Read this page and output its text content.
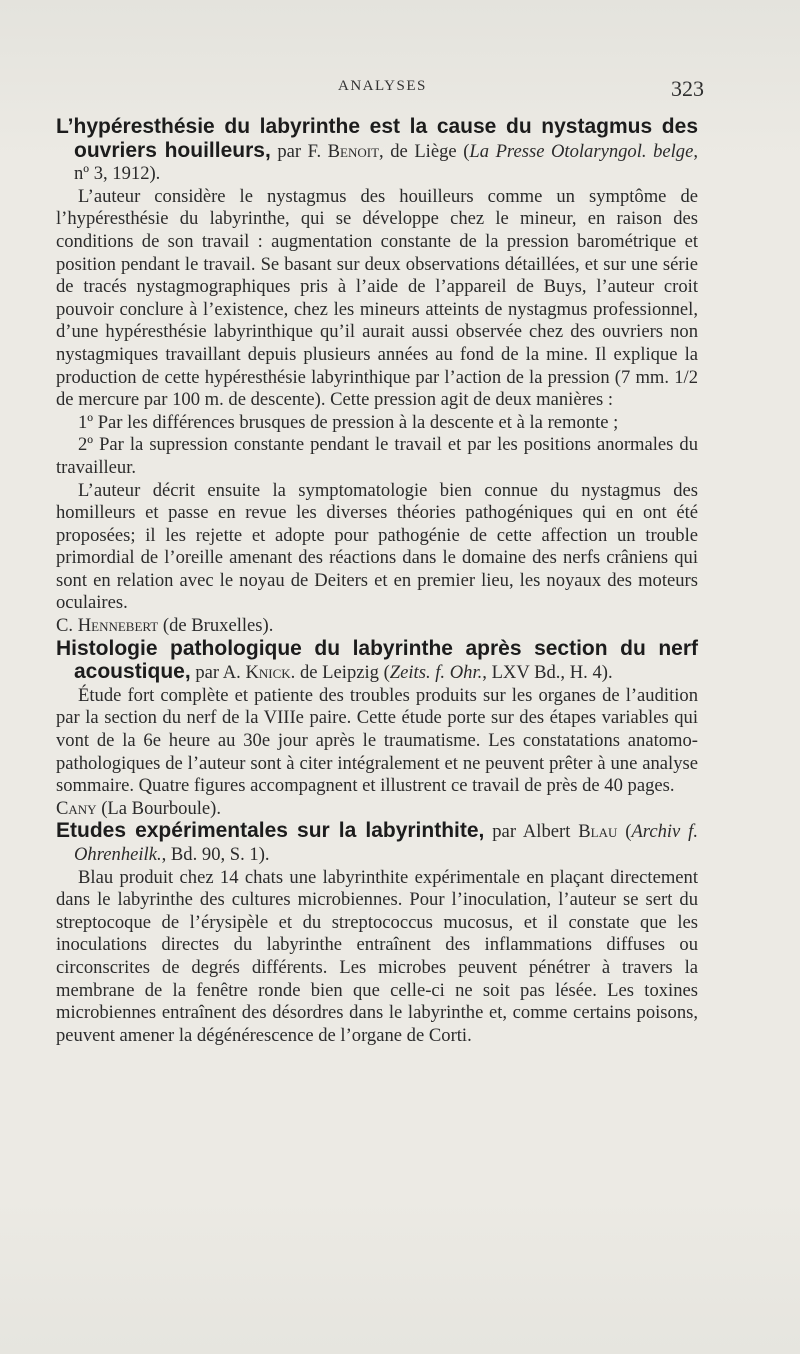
ANALYSES	323

L’hypéresthésie du labyrinthe est la cause du nystagmus des ouvriers houilleurs, par F. Benoit, de Liège (La Presse Otolaryngol. belge, nº 3, 1912).

L’auteur considère le nystagmus des houilleurs comme un symptôme de l’hypéresthésie du labyrinthe, qui se développe chez le mineur, en raison des conditions de son travail : augmentation constante de la pression barométrique et position pendant le travail. Se basant sur deux observations détaillées, et sur une série de tracés nystagmographiques pris à l’aide de l’appareil de Buys, l’auteur croit pouvoir conclure à l’existence, chez les mineurs atteints de nystagmus professionnel, d’une hypéresthésie labyrinthique qu’il aurait aussi observée chez des ouvriers non nystagmiques travaillant depuis plusieurs années au fond de la mine. Il explique la production de cette hypéresthésie labyrinthique par l’action de la pression (7 mm. 1/2 de mercure par 100 m. de descente). Cette pression agit de deux manières :

1º Par les différences brusques de pression à la descente et à la remonte ;

2º Par la supression constante pendant le travail et par les positions anormales du travailleur.

L’auteur décrit ensuite la symptomatologie bien connue du nystagmus des homilleurs et passe en revue les diverses théories pathogéniques qui en ont été proposées; il les rejette et adopte pour pathogénie de cette affection un trouble primordial de l’oreille amenant des réactions dans le domaine des nerfs crâniens qui sont en relation avec le noyau de Deiters et en premier lieu, les noyaux des moteurs oculaires.

C. Hennebert (de Bruxelles).

Histologie pathologique du labyrinthe après section du nerf acoustique, par A. Knick. de Leipzig (Zeits. f. Ohr., LXV Bd., H. 4).

Étude fort complète et patiente des troubles produits sur les organes de l’audition par la section du nerf de la VIIIe paire. Cette étude porte sur des étapes variables qui vont de la 6e heure au 30e jour après le traumatisme. Les constatations anatomo-pathologiques de l’auteur sont à citer intégralement et ne peuvent prêter à une analyse sommaire. Quatre figures accompagnent et illustrent ce travail de près de 40 pages.

Cany (La Bourboule).

Etudes expérimentales sur la labyrinthite, par Albert Blau (Archiv f. Ohrenheilk., Bd. 90, S. 1).

Blau produit chez 14 chats une labyrinthite expérimentale en plaçant directement dans le labyrinthe des cultures microbiennes. Pour l’inoculation, l’auteur se sert du streptocoque de l’érysipèle et du streptococcus mucosus, et il constate que les inoculations directes du labyrinthe entraînent des inflammations diffuses ou circonscrites de degrés différents. Les microbes peuvent pénétrer à travers la membrane de la fenêtre ronde bien que celle-ci ne soit pas lésée. Les toxines microbiennes entraînent des désordres dans le labyrinthe et, comme certains poisons, peuvent amener la dégénérescence de l’organe de Corti.
